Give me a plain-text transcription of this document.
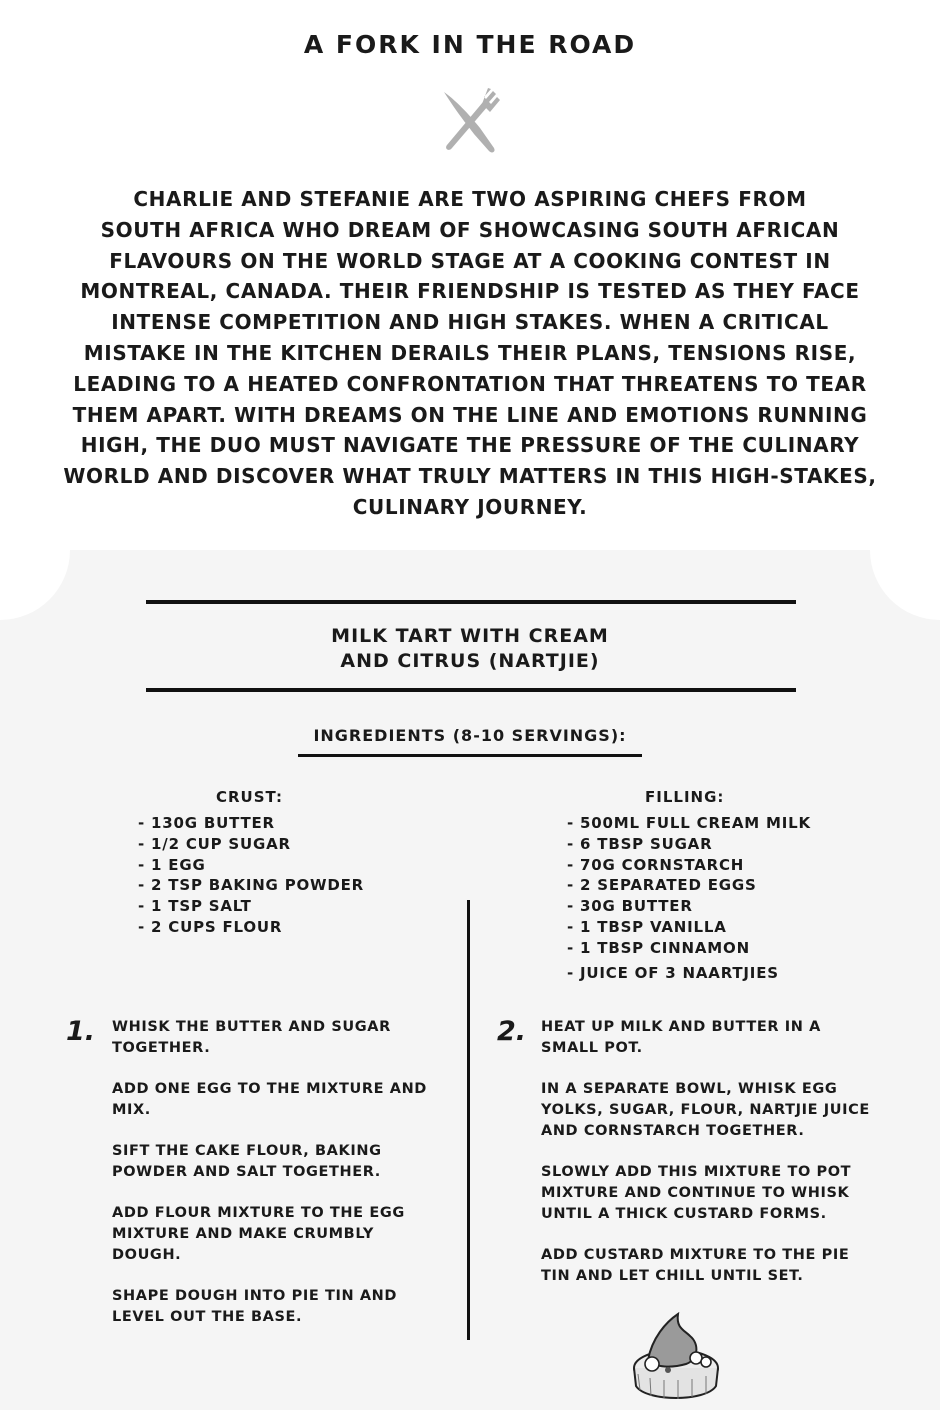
A FORK IN THE ROAD
CHARLIE AND STEFANIE ARE TWO ASPIRING CHEFS FROM
SOUTH AFRICA WHO DREAM OF SHOWCASING SOUTH AFRICAN
FLAVOURS ON THE WORLD STAGE AT A COOKING CONTEST IN
MONTREAL, CANADA. THEIR FRIENDSHIP IS TESTED AS THEY FACE
INTENSE COMPETITION AND HIGH STAKES. WHEN A CRITICAL
MISTAKE IN THE KITCHEN DERAILS THEIR PLANS, TENSIONS RISE,
LEADING TO A HEATED CONFRONTATION THAT THREATENS TO TEAR
THEM APART. WITH DREAMS ON THE LINE AND EMOTIONS RUNNING
HIGH, THE DUO MUST NAVIGATE THE PRESSURE OF THE CULINARY
WORLD AND DISCOVER WHAT TRULY MATTERS IN THIS HIGH-STAKES,
CULINARY JOURNEY.
MILK TART WITH CREAM
AND CITRUS (NARTJIE)
INGREDIENTS (8-10 SERVINGS):
CRUST:
- 130G BUTTER
- 1/2 CUP SUGAR
- 1 EGG
- 2 TSP BAKING POWDER
- 1 TSP SALT
- 2 CUPS FLOUR
FILLING:
- 500ML FULL CREAM MILK
- 6 TBSP SUGAR
- 70G CORNSTARCH
- 2 SEPARATED EGGS
- 30G BUTTER
- 1 TBSP VANILLA
- 1 TBSP CINNAMON
- JUICE OF 3 NAARTJIES
1. WHISK THE BUTTER AND SUGAR TOGETHER.

ADD ONE EGG TO THE MIXTURE AND MIX.

SIFT THE CAKE FLOUR, BAKING POWDER AND SALT TOGETHER.

ADD FLOUR MIXTURE TO THE EGG MIXTURE AND MAKE CRUMBLY DOUGH.

SHAPE DOUGH INTO PIE TIN AND LEVEL OUT THE BASE.

2. HEAT UP MILK AND BUTTER IN A SMALL POT.

IN A SEPARATE BOWL, WHISK EGG YOLKS, SUGAR, FLOUR, NARTJIE JUICE AND CORNSTARCH TOGETHER.

SLOWLY ADD THIS MIXTURE TO POT MIXTURE AND CONTINUE TO WHISK UNTIL A THICK CUSTARD FORMS.

ADD CUSTARD MIXTURE TO THE PIE TIN AND LET CHILL UNTIL SET.
